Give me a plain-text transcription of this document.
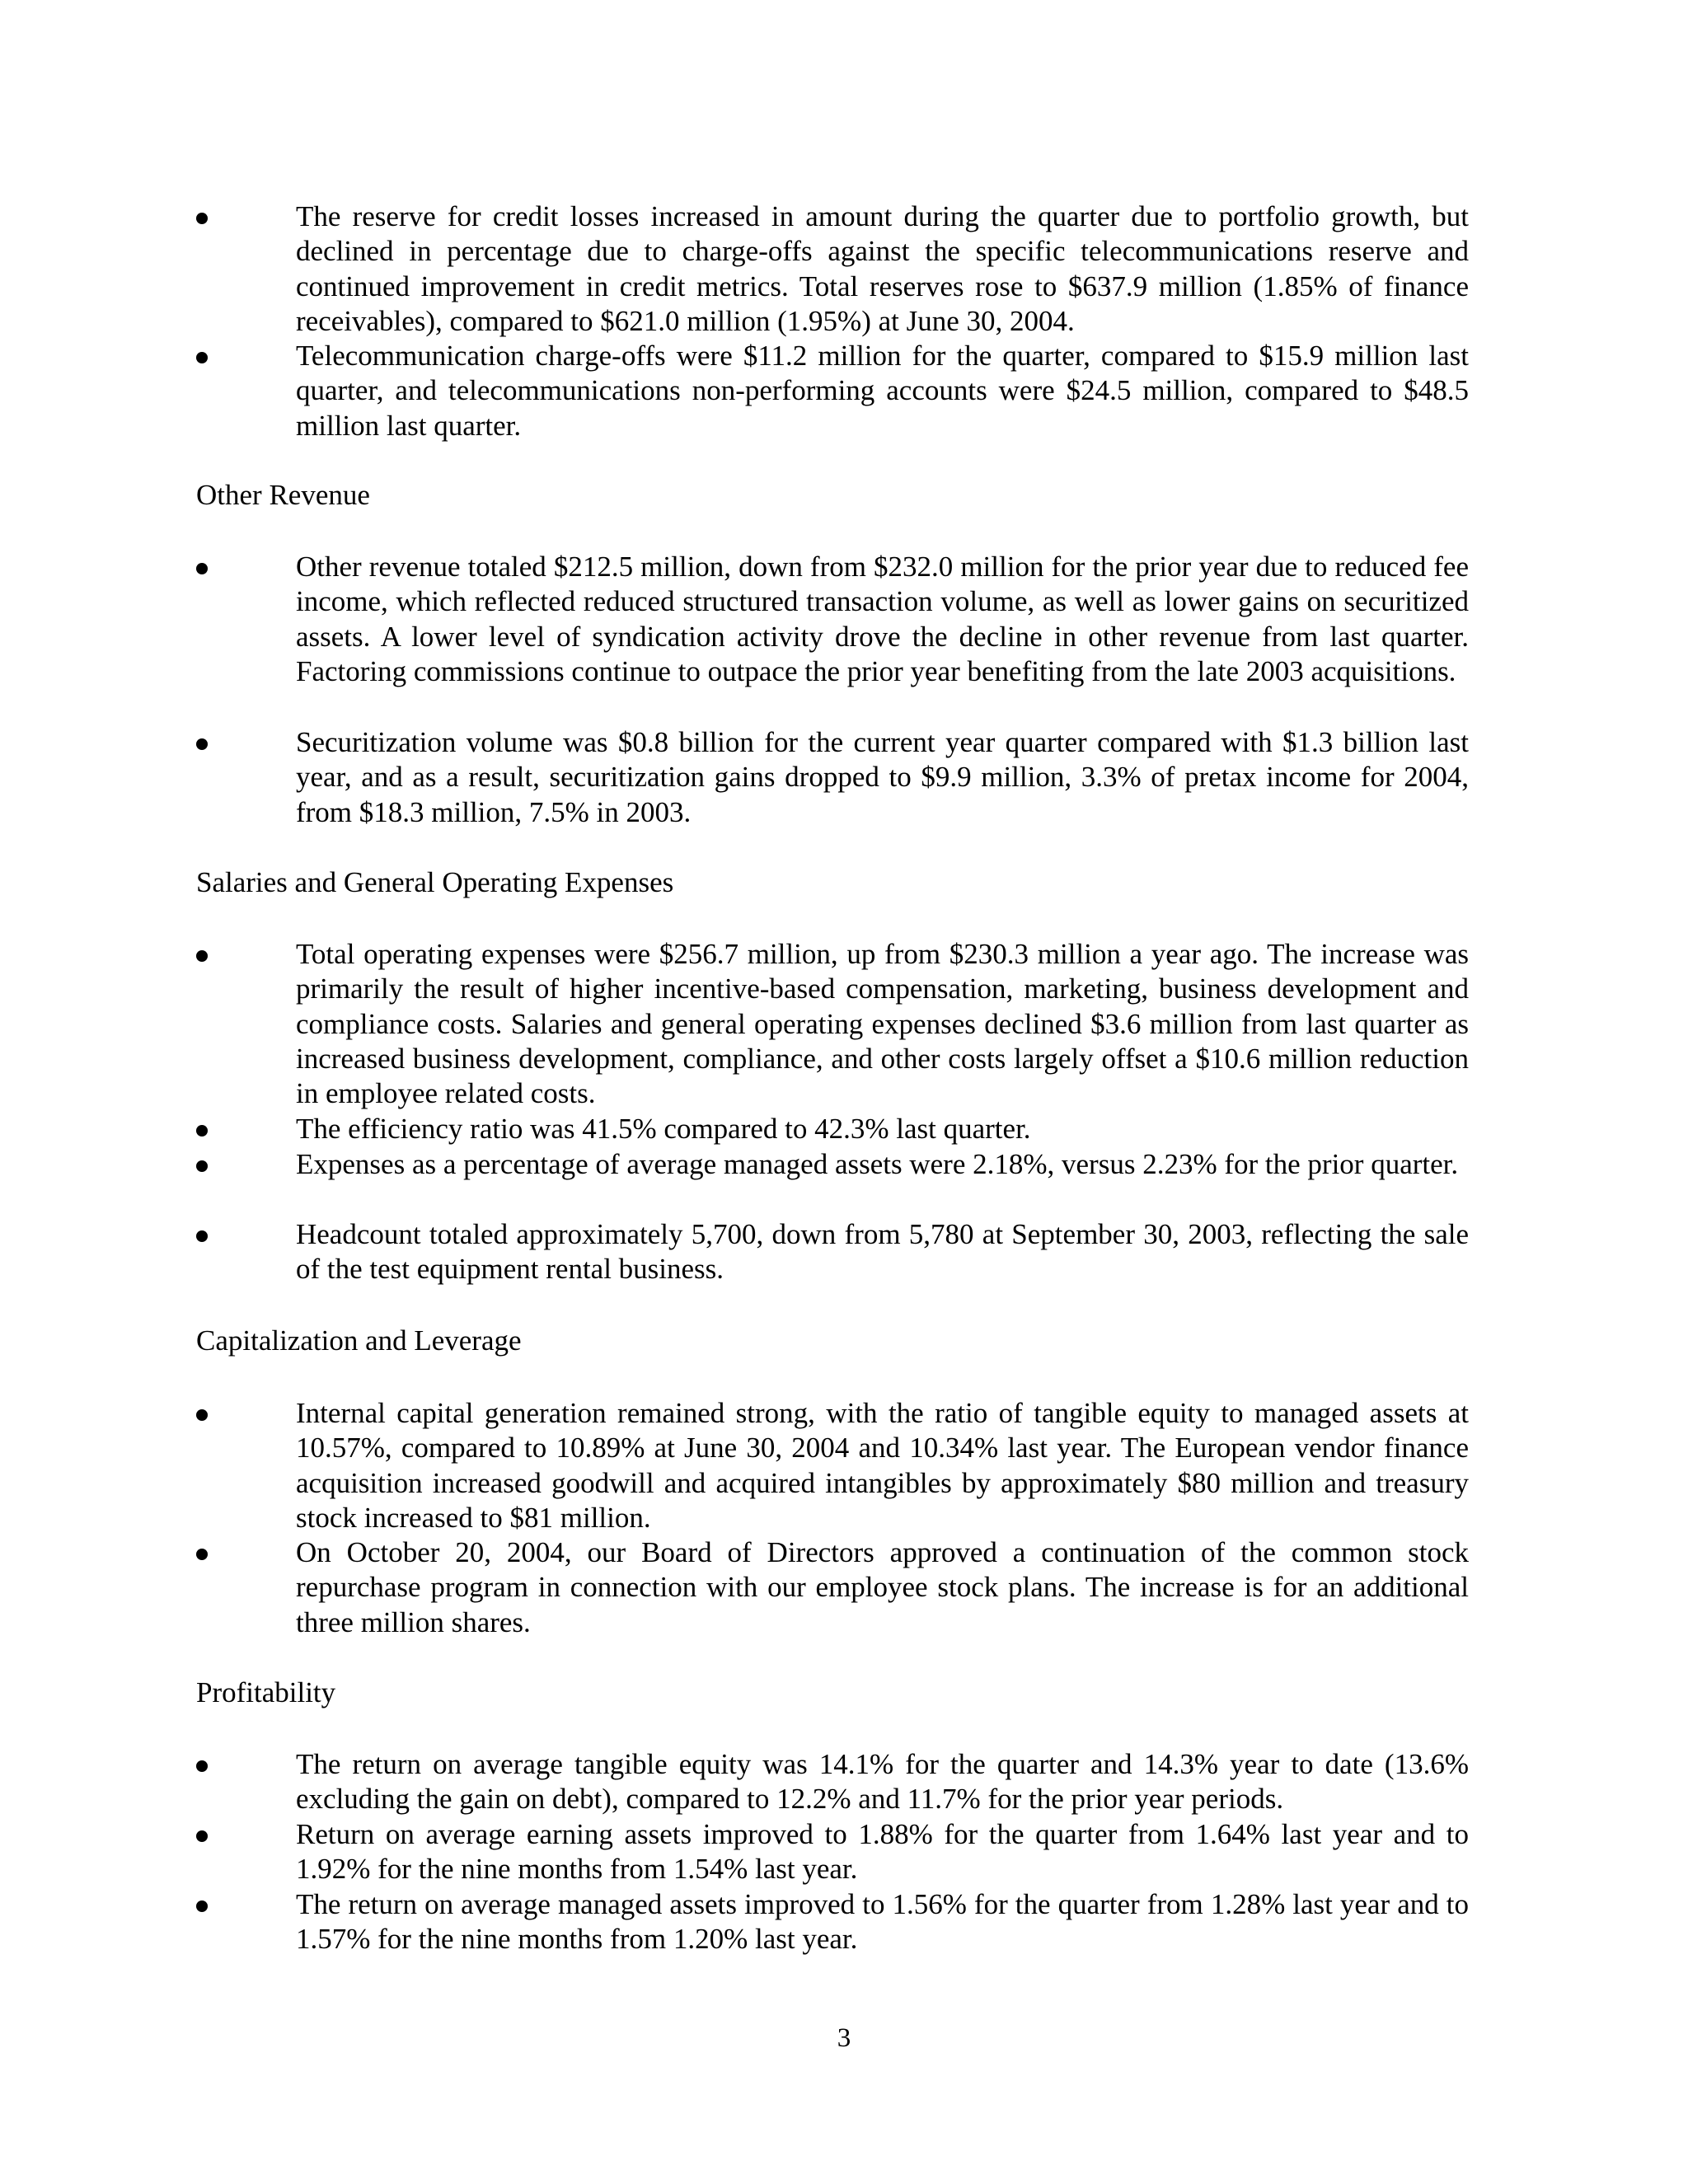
The reserve for credit losses increased in amount during the quarter due to portfolio growth, but declined in percentage due to charge-offs against the specific telecommunications reserve and continued improvement in credit metrics. Total reserves rose to $637.9 million (1.85% of finance receivables), compared to $621.0 million (1.95%) at June 30, 2004.
Telecommunication charge-offs were $11.2 million for the quarter, compared to $15.9 million last quarter, and telecommunications non-performing accounts were $24.5 million, compared to $48.5 million last quarter.
Other Revenue
Other revenue totaled $212.5 million, down from $232.0 million for the prior year due to reduced fee income, which reflected reduced structured transaction volume, as well as lower gains on securitized assets. A lower level of syndication activity drove the decline in other revenue from last quarter. Factoring commissions continue to outpace the prior year benefiting from the late 2003 acquisitions.
Securitization volume was $0.8 billion for the current year quarter compared with $1.3 billion last year, and as a result, securitization gains dropped to $9.9 million, 3.3% of pretax income for 2004, from $18.3 million, 7.5% in 2003.
Salaries and General Operating Expenses
Total operating expenses were $256.7 million, up from $230.3 million a year ago. The increase was primarily the result of higher incentive-based compensation, marketing, business development and compliance costs. Salaries and general operating expenses declined $3.6 million from last quarter as increased business development, compliance, and other costs largely offset a $10.6 million reduction in employee related costs.
The efficiency ratio was 41.5% compared to 42.3% last quarter.
Expenses as a percentage of average managed assets were 2.18%, versus 2.23% for the prior quarter.
Headcount totaled approximately 5,700, down from 5,780 at September 30, 2003, reflecting the sale of the test equipment rental business.
Capitalization and Leverage
Internal capital generation remained strong, with the ratio of tangible equity to managed assets at 10.57%, compared to 10.89% at June 30, 2004 and 10.34% last year. The European vendor finance acquisition increased goodwill and acquired intangibles by approximately $80 million and treasury stock increased to $81 million.
On October 20, 2004, our Board of Directors approved a continuation of the common stock repurchase program in connection with our employee stock plans. The increase is for an additional three million shares.
Profitability
The return on average tangible equity was 14.1% for the quarter and 14.3% year to date (13.6% excluding the gain on debt), compared to 12.2% and 11.7% for the prior year periods.
Return on average earning assets improved to 1.88% for the quarter from 1.64% last year and to 1.92% for the nine months from 1.54% last year.
The return on average managed assets improved to 1.56% for the quarter from 1.28% last year and to 1.57% for the nine months from 1.20% last year.
3
